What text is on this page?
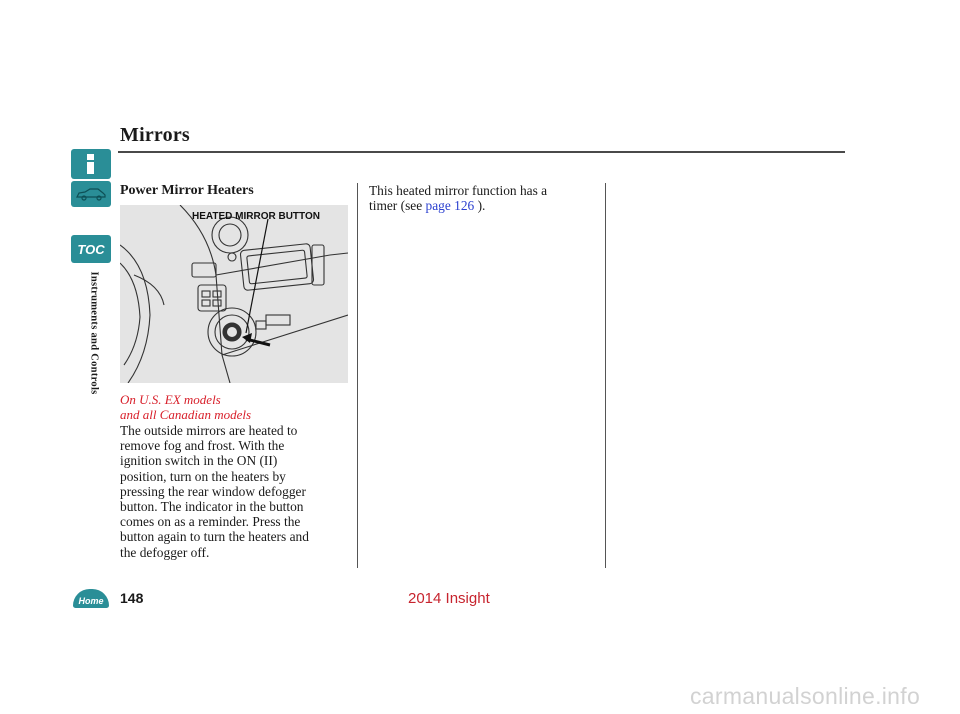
Mirrors
TOC
Instruments and Controls
Home
Power Mirror Heaters
HEATED MIRROR BUTTON
On U.S. EX models
and all Canadian models
The outside mirrors are heated to
remove fog and frost. With the
ignition switch in the ON (II)
position, turn on the heaters by
pressing the rear window defogger
button. The indicator in the button
comes on as a reminder. Press the
button again to turn the heaters and
the defogger off.
This heated mirror function has a
timer (see page 126 ).
148	2014 Insight
carmanualsonline.info
